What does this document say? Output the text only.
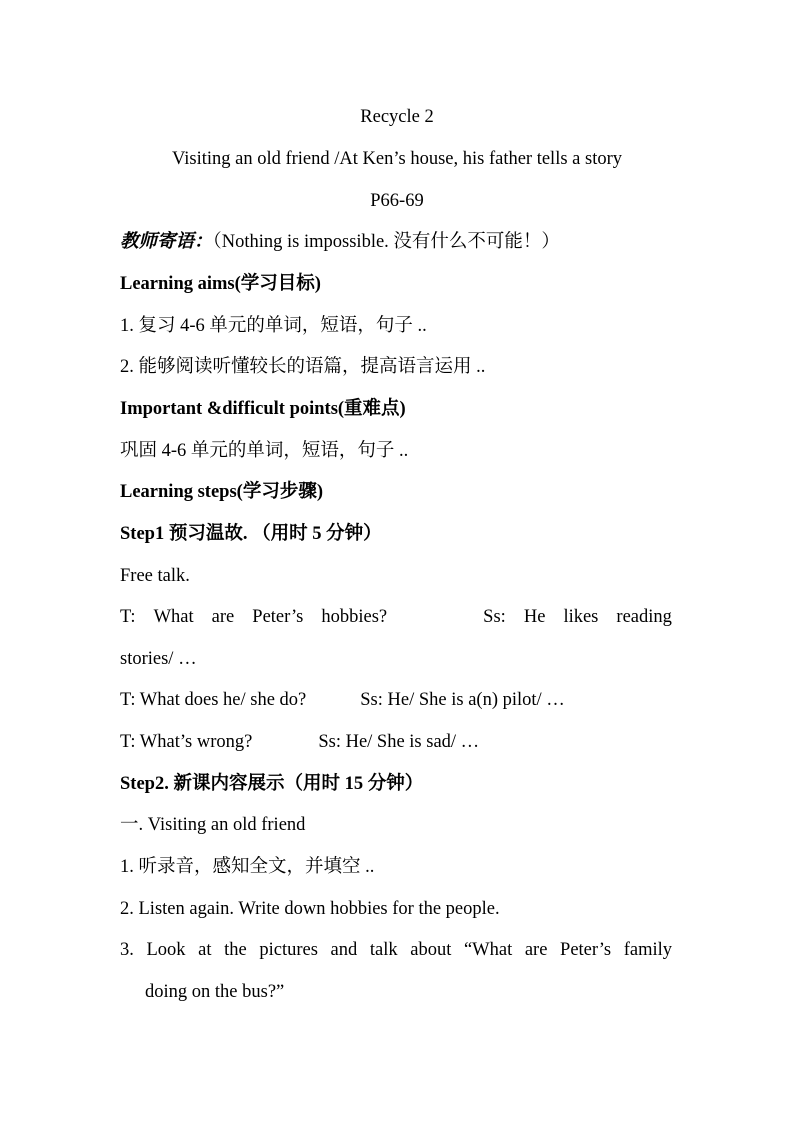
Recycle 2
Visiting an old friend /At Ken’s house, his father tells a story
P66-69
教师寄语：（Nothing is impossible. 没有什么不可能！）
Learning aims(学习目标)
1. 复习 4-6 单元的单词，短语，句子 ..
2. 能够阅读听懂较长的语篇，提高语言运用 ..
Important &difficult points(重难点)
巩固 4-6 单元的单词，短语，句子 ..
Learning steps(学习步骤)
Step1 预习温故. （用时 5 分钟）
Free talk.
T: What are Peter’s hobbies?	Ss: He likes reading
stories/ …
T: What does he/ she do?	Ss: He/ She is a(n) pilot/ …
T: What’s wrong?	Ss: He/ She is sad/ …
Step2. 新课内容展示（用时 15 分钟）
一. Visiting an old friend
1. 听录音，感知全文，并填空 ..
2. Listen again. Write down hobbies for the people.
3. Look at the pictures and talk about “What are Peter’s family
doing on the bus?”
